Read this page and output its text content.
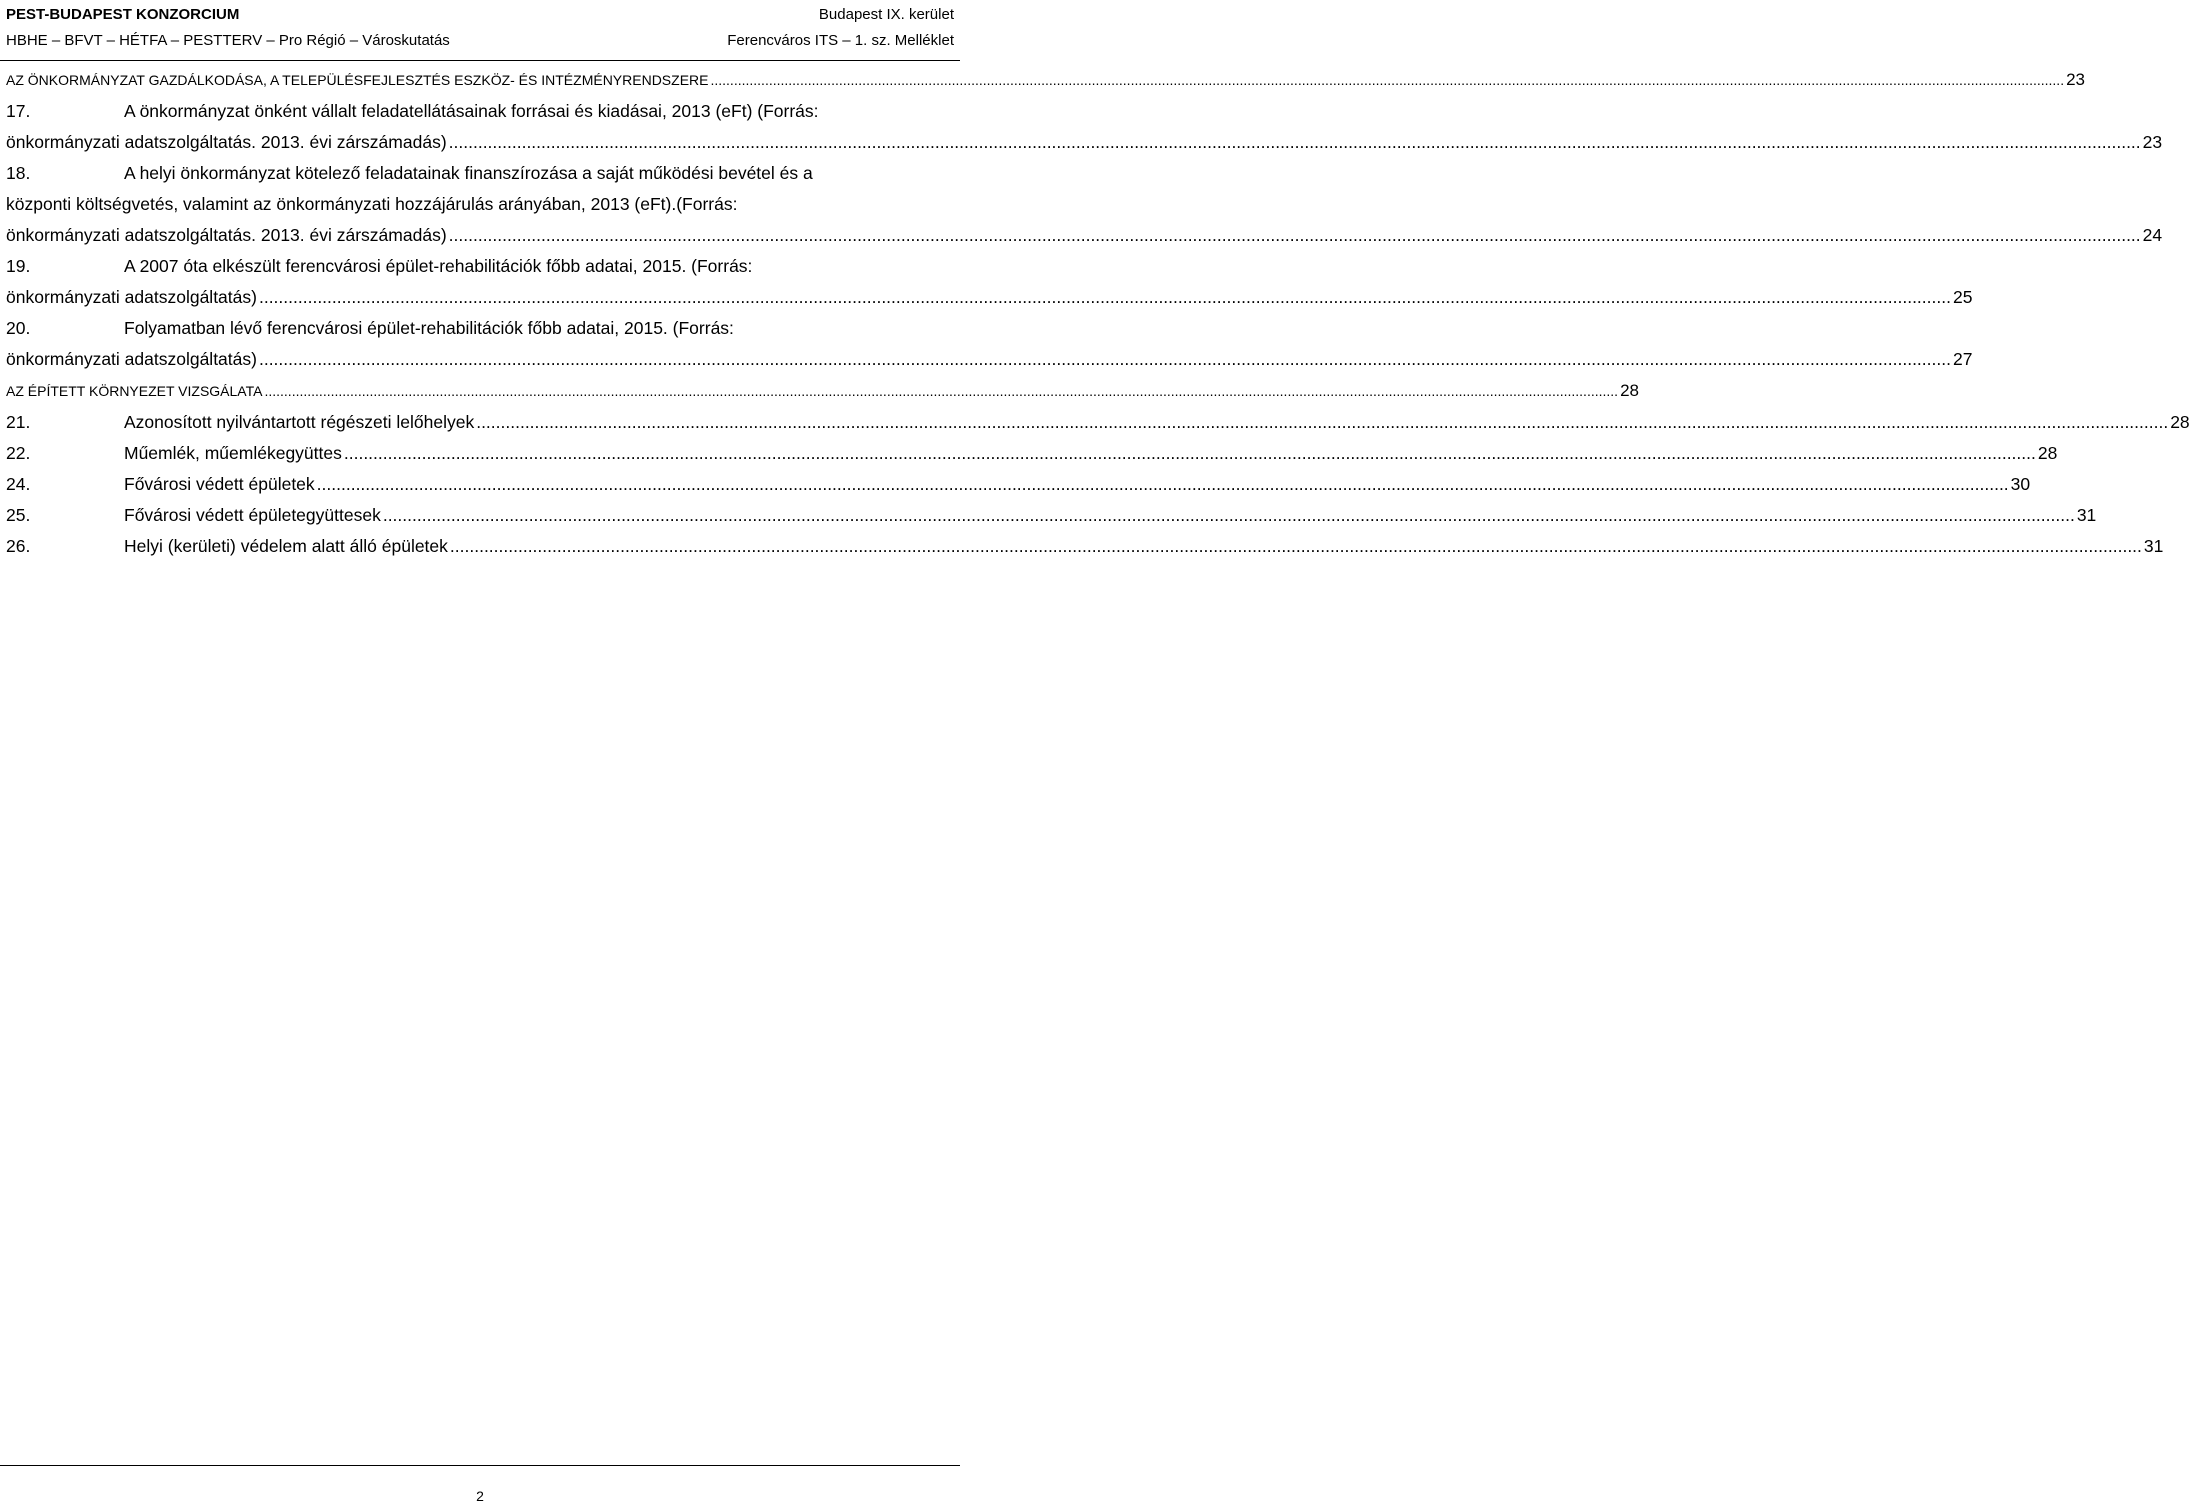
PEST-BUDAPEST KONZORCIUM	Budapest IX. kerület
HBHE – BFVT – HÉTFA – PESTTERV – Pro Régió – Városkutatás	Ferencváros ITS – 1. sz. Melléklet
AZ ÖNKORMÁNYZAT GAZDÁLKODÁSA, A TELEPÜLÉSFEJLESZTÉS ESZKÖZ- ÉS INTÉZMÉNYRENDSZERE .....	23
17.	A önkormányzat önként vállalt feladatellátásainak forrásai és kiadásai, 2013 (eFt) (Forrás:
önkormányzati adatszolgáltatás. 2013. évi zárszámadás) .....	23
18.	A helyi önkormányzat kötelező feladatainak finanszírozása a saját működési bevétel és a
központi költségvetés, valamint az önkormányzati hozzájárulás arányában, 2013 (eFt).(Forrás:
önkormányzati adatszolgáltatás. 2013. évi zárszámadás) .....	24
19.	A 2007 óta elkészült ferencvárosi épület-rehabilitációk főbb adatai, 2015. (Forrás:
önkormányzati adatszolgáltatás) .....	25
20.	Folyamatban lévő ferencvárosi épület-rehabilitációk főbb adatai, 2015. (Forrás:
önkormányzati adatszolgáltatás) .....	27
AZ ÉPÍTETT KÖRNYEZET VIZSGÁLATA .....	28
21.	Azonosított nyilvántartott régészeti lelőhelyek .....	28
22.	Műemlék, műemlékegyüttes .....	28
24.	Fővárosi védett épületek .....	30
25.	Fővárosi védett épületegyüttesek .....	31
26.	Helyi (kerületi) védelem alatt álló épületek .....	31
2
